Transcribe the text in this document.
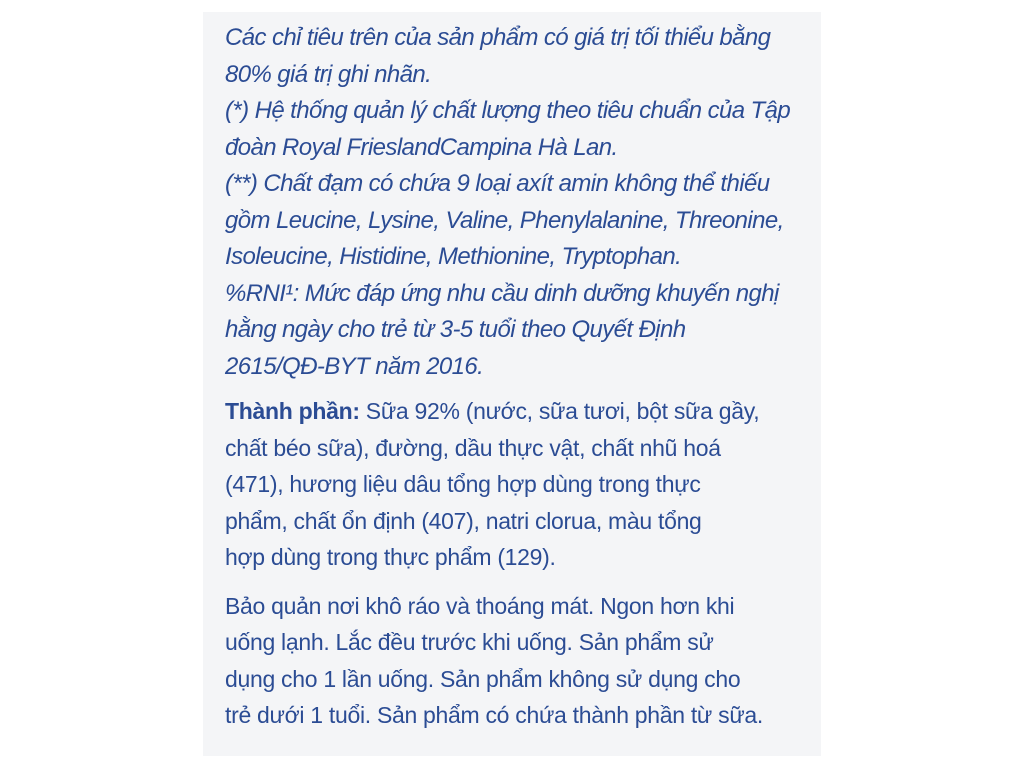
Các chỉ tiêu trên của sản phẩm có giá trị tối thiểu bằng
80% giá trị ghi nhãn.
(*) Hệ thống quản lý chất lượng theo tiêu chuẩn của Tập
đoàn Royal FrieslandCampina Hà Lan.
(**) Chất đạm có chứa 9 loại axít amin không thể thiếu
gồm Leucine, Lysine, Valine, Phenylalanine, Threonine,
Isoleucine, Histidine, Methionine, Tryptophan.
%RNI¹: Mức đáp ứng nhu cầu dinh dưỡng khuyến nghị
hằng ngày cho trẻ từ 3-5 tuổi theo Quyết Định
2615/QĐ-BYT năm 2016.
Thành phần: Sữa 92% (nước, sữa tươi, bột sữa gầy,
chất béo sữa), đường, dầu thực vật, chất nhũ hoá
(471), hương liệu dâu tổng hợp dùng trong thực
phẩm, chất ổn định (407), natri clorua, màu tổng
hợp dùng trong thực phẩm (129).
Bảo quản nơi khô ráo và thoáng mát. Ngon hơn khi
uống lạnh. Lắc đều trước khi uống. Sản phẩm sử
dụng cho 1 lần uống. Sản phẩm không sử dụng cho
trẻ dưới 1 tuổi. Sản phẩm có chứa thành phần từ sữa.
